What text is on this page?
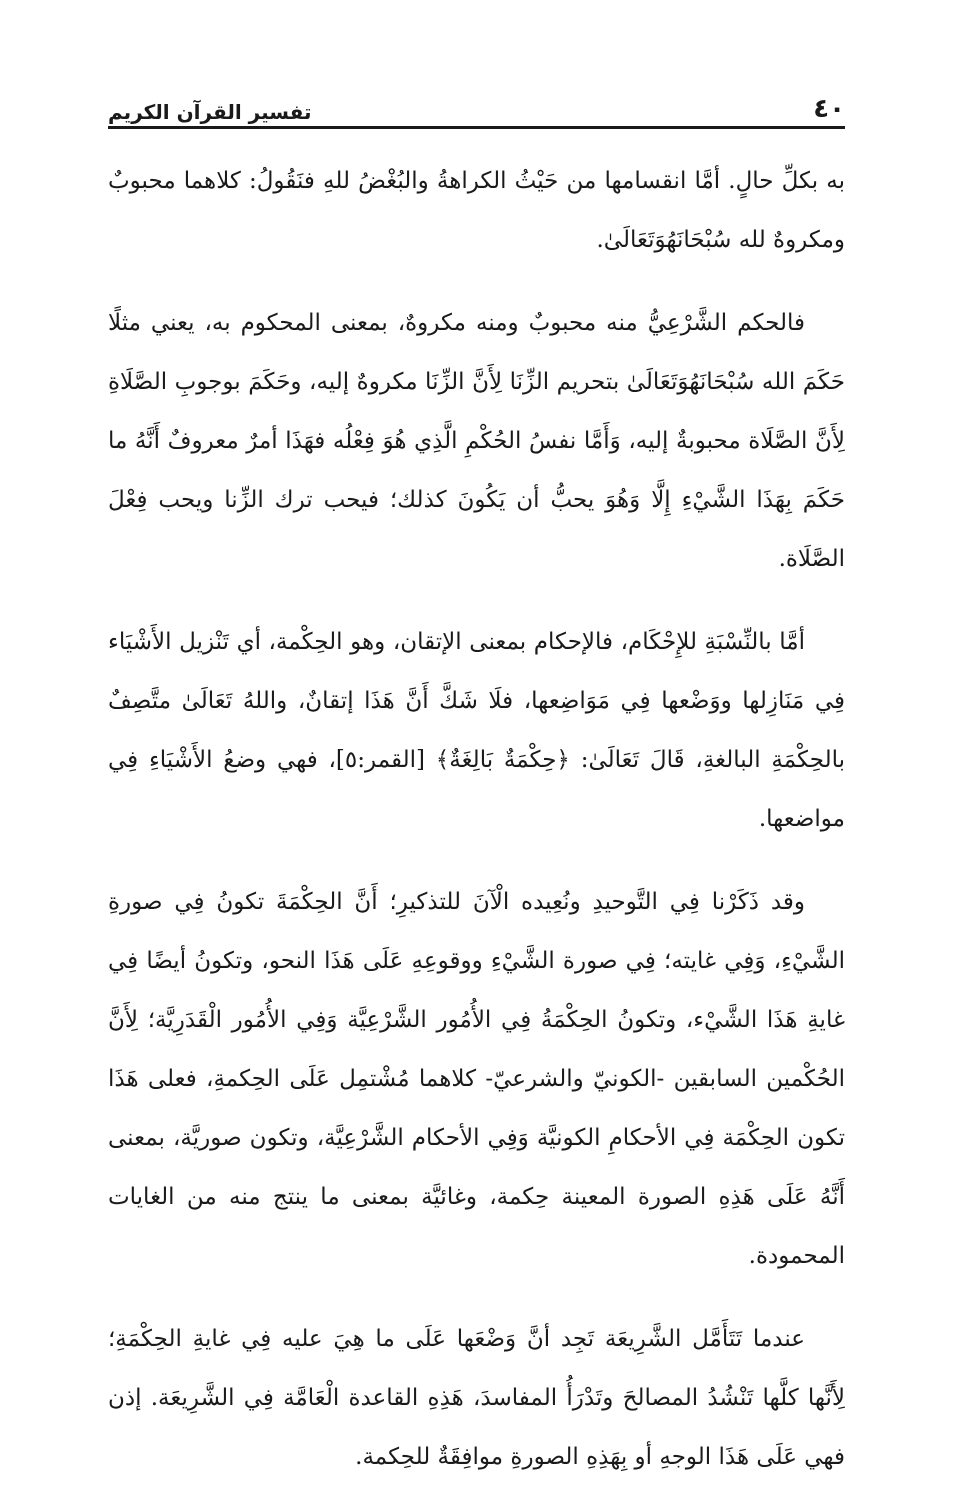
٤٠
تفسير القرآن الكريم

به بكلِّ حالٍ. أمَّا انقسامها من حَيْثُ الكراهةُ والبُغْضُ للهِ فنَقُولُ: كلاهما محبوبٌ ومكروهٌ لله سُبْحَانَهُوَتَعَالَىٰ.

فالحكم الشَّرْعِيُّ منه محبوبٌ ومنه مكروهٌ، بمعنى المحكوم به، يعني مثلًا حَكَمَ الله سُبْحَانَهُوَتَعَالَىٰ بتحريم الزِّنَا لِأَنَّ الزِّنَا مكروهٌ إليه، وحَكَمَ بوجوبِ الصَّلَاةِ لِأَنَّ الصَّلَاة محبوبةٌ إليه، وَأَمَّا نفسُ الحُكْمِ الَّذِي هُوَ فِعْلُه فهَذَا أمرٌ معروفٌ أَنَّهُ ما حَكَمَ بِهَذَا الشَّيْءِ إِلَّا وَهُوَ يحبُّ أن يَكُونَ كذلك؛ فيحب ترك الزِّنا ويحب فِعْلَ الصَّلَاة.

أمَّا بالنِّسْبَةِ للإِحْكَام، فالإحكام بمعنى الإتقان، وهو الحِكْمة، أي تَنْزيل الأَشْيَاء فِي مَنَازِلها ووَضْعها فِي مَوَاضِعها، فلَا شَكَّ أَنَّ هَذَا إتقانٌ، واللهُ تَعَالَىٰ متَّصِفٌ بالحِكْمَةِ البالغةِ، قَالَ تَعَالَىٰ: ﴿حِكْمَةٌ بَالِغَةٌ﴾ [القمر:٥]، فهي وضعُ الأَشْيَاءِ فِي مواضعها.

وقد ذَكَرْنا فِي التَّوحيدِ ونُعِيده الْآنَ للتذكيرِ؛ أَنَّ الحِكْمَةَ تكونُ فِي صورةِ الشَّيْءِ، وَفِي غايته؛ فِي صورة الشَّيْءِ ووقوعِهِ عَلَى هَذَا النحو، وتكونُ أيضًا فِي غايةِ هَذَا الشَّيْء، وتكونُ الحِكْمَةُ فِي الأُمُور الشَّرْعِيَّة وَفِي الأُمُور الْقَدَرِيَّة؛ لِأَنَّ الحُكْمين السابقين -الكونيّ والشرعيّ- كلاهما مُشْتمِل عَلَى الحِكمةِ، فعلى هَذَا تكون الحِكْمَة فِي الأحكامِ الكونيَّة وَفِي الأحكام الشَّرْعِيَّة، وتكون صوريَّة، بمعنى أَنَّهُ عَلَى هَذِهِ الصورة المعينة حِكمة، وغائيَّة بمعنى ما ينتج منه من الغايات المحمودة.

عندما تَتَأَمَّل الشَّرِيعَة تَجِد أنَّ وَضْعَها عَلَى ما هِيَ عليه فِي غايةِ الحِكْمَةِ؛ لِأَنَّها كلَّها تَنْشُدُ المصالحَ وتَدْرَأُ المفاسدَ، هَذِهِ القاعدة الْعَامَّة فِي الشَّرِيعَة. إذن فهي عَلَى هَذَا الوجهِ أو بِهَذِهِ الصورةِ موافِقَةٌ للحِكمة.
